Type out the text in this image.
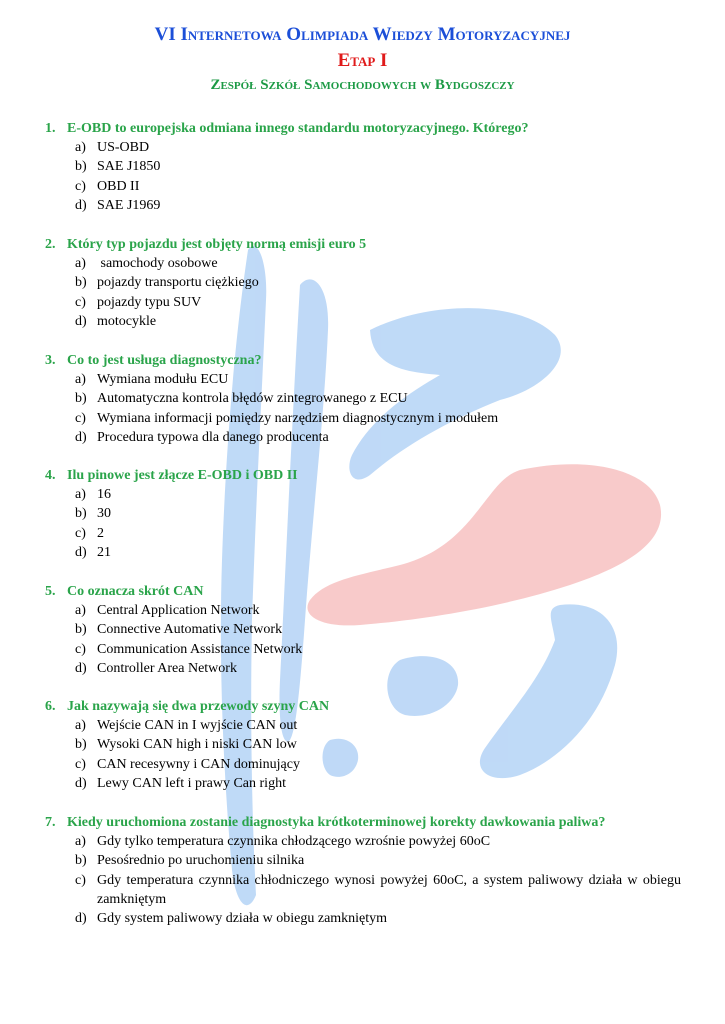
VI Internetowa Olimpiada Wiedzy Motoryzacyjnej
Etap I
Zespół Szkół Samochodowych w Bydgoszczy
1. E-OBD to europejska odmiana innego standardu motoryzacyjnego. Którego?
a) US-OBD
b) SAE J1850
c) OBD II
d) SAE J1969
2. Który typ pojazdu jest objęty normą emisji euro 5
a) samochody osobowe
b) pojazdy transportu ciężkiego
c) pojazdy typu SUV
d) motocykle
3. Co to jest usługa diagnostyczna?
a) Wymiana modułu ECU
b) Automatyczna kontrola błędów zintegrowanego z ECU
c) Wymiana informacji pomiędzy narzędziem diagnostycznym i modułem
d) Procedura typowa dla danego producenta
4. Ilu pinowe jest złącze E-OBD i OBD II
a) 16
b) 30
c) 2
d) 21
5. Co oznacza skrót CAN
a) Central Application Network
b) Connective Automative Network
c) Communication Assistance Network
d) Controller Area Network
6. Jak nazywają się dwa przewody szyny CAN
a) Wejście CAN in I wyjście CAN out
b) Wysoki CAN high i niski CAN low
c) CAN recesywny i CAN dominujący
d) Lewy CAN left i prawy Can right
7. Kiedy uruchomiona zostanie diagnostyka krótkoterminowej korekty dawkowania paliwa?
a) Gdy tylko temperatura czynnika chłodzącego wzrośnie powyżej 60oC
b) Pesośrednio po uruchomieniu silnika
c) Gdy temperatura czynnika chłodniczego wynosi powyżej 60oC, a system paliwowy działa w obiegu zamkniętym
d) Gdy system paliwowy działa w obiegu zamkniętym
